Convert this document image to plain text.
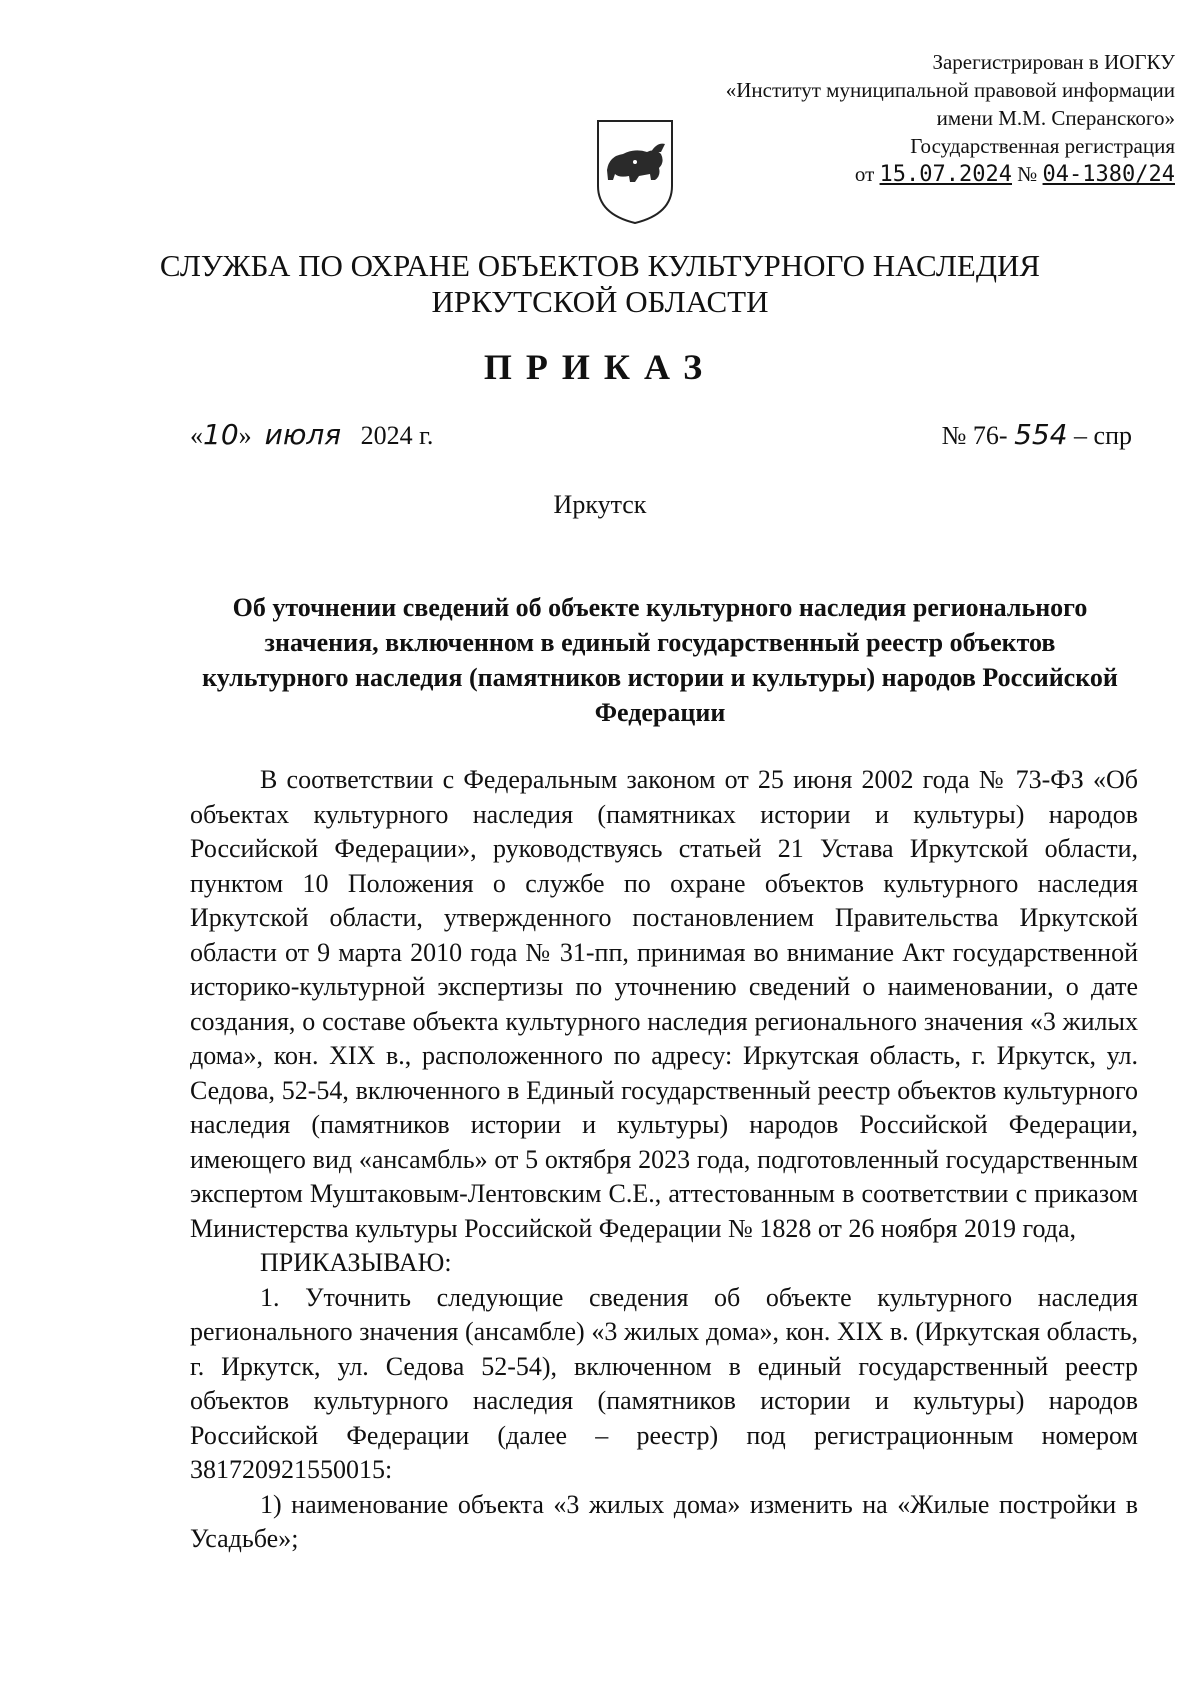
Зарегистрирован в ИОГКУ
«Институт муниципальной правовой информации
имени М.М. Сперанского»
Государственная регистрация
от 15.07.2024 № 04-1380/24
СЛУЖБА ПО ОХРАНЕ ОБЪЕКТОВ КУЛЬТУРНОГО НАСЛЕДИЯ
ИРКУТСКОЙ ОБЛАСТИ
ПРИКАЗ
«10» июля 2024 г.	№ 76- 554 – спр
Иркутск
Об уточнении сведений об объекте культурного наследия регионального значения, включенном в единый государственный реестр объектов культурного наследия (памятников истории и культуры) народов Российской Федерации

В соответствии с Федеральным законом от 25 июня 2002 года № 73-ФЗ «Об объектах культурного наследия (памятниках истории и культуры) народов Российской Федерации», руководствуясь статьей 21 Устава Иркутской области, пунктом 10 Положения о службе по охране объектов культурного наследия Иркутской области, утвержденного постановлением Правительства Иркутской области от 9 марта 2010 года № 31-пп, принимая во внимание Акт государственной историко-культурной экспертизы по уточнению сведений о наименовании, о дате создания, о составе объекта культурного наследия регионального значения «3 жилых дома», кон. XIX в., расположенного по адресу: Иркутская область, г. Иркутск, ул. Седова, 52-54, включенного в Единый государственный реестр объектов культурного наследия (памятников истории и культуры) народов Российской Федерации, имеющего вид «ансамбль» от 5 октября 2023 года, подготовленный государственным экспертом Муштаковым-Лентовским С.Е., аттестованным в соответствии с приказом Министерства культуры Российской Федерации № 1828 от 26 ноября 2019 года,

ПРИКАЗЫВАЮ:

1. Уточнить следующие сведения об объекте культурного наследия регионального значения (ансамбле) «3 жилых дома», кон. XIX в. (Иркутская область, г. Иркутск, ул. Седова 52-54), включенном в единый государственный реестр объектов культурного наследия (памятников истории и культуры) народов Российской Федерации (далее – реестр) под регистрационным номером 381720921550015:

1) наименование объекта «3 жилых дома» изменить на «Жилые постройки в Усадьбе»;
